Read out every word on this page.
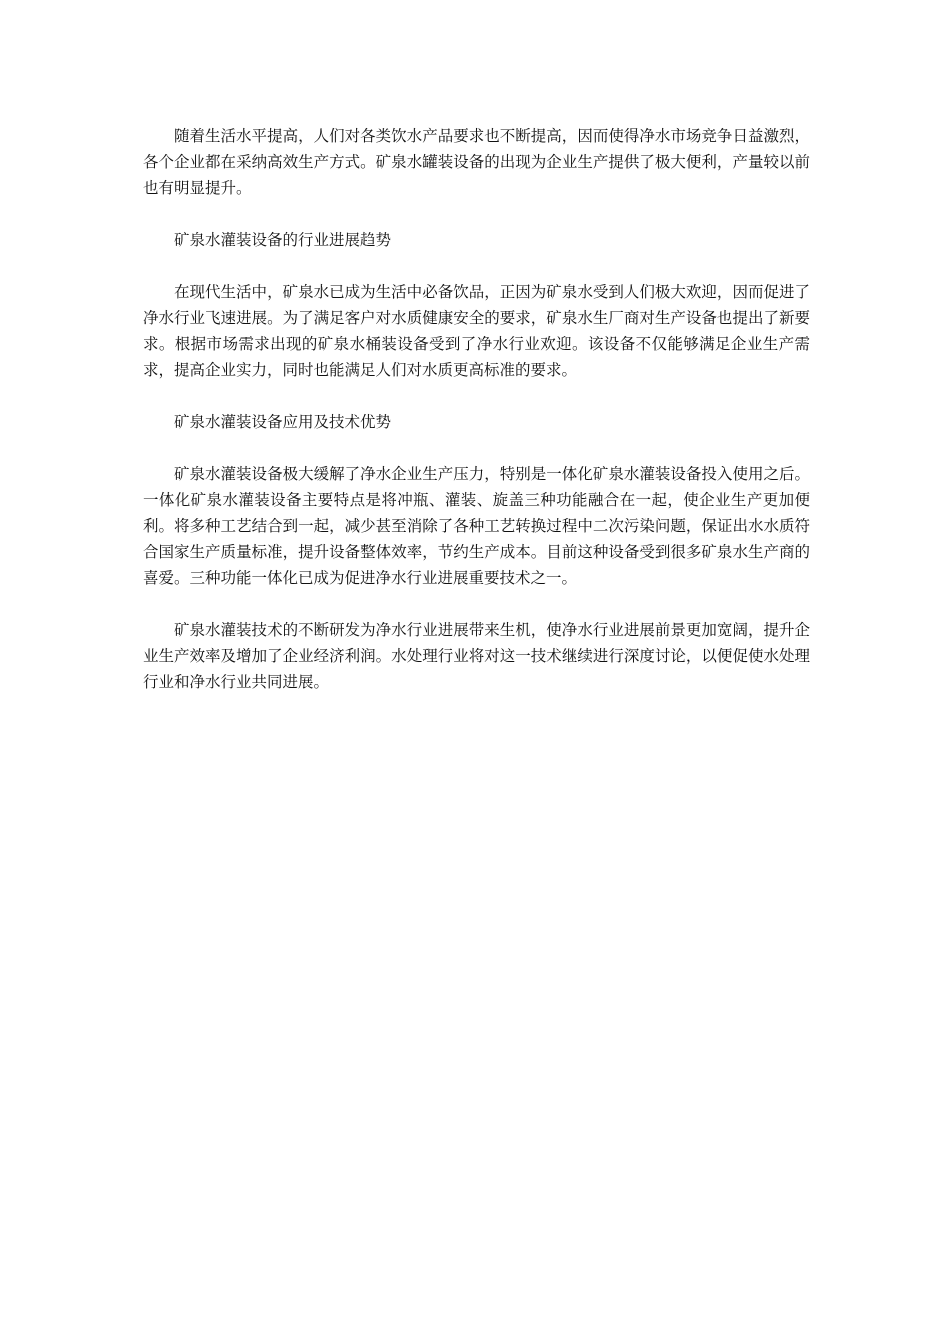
随着生活水平提高，人们对各类饮水产品要求也不断提高，因而使得净水市场竞争日益激烈，各个企业都在采纳高效生产方式。矿泉水罐装设备的出现为企业生产提供了极大便利，产量较以前也有明显提升。

矿泉水灌装设备的行业进展趋势

在现代生活中，矿泉水已成为生活中必备饮品，正因为矿泉水受到人们极大欢迎，因而促进了净水行业飞速进展。为了满足客户对水质健康安全的要求，矿泉水生厂商对生产设备也提出了新要求。根据市场需求出现的矿泉水桶装设备受到了净水行业欢迎。该设备不仅能够满足企业生产需求，提高企业实力，同时也能满足人们对水质更高标准的要求。

矿泉水灌装设备应用及技术优势

矿泉水灌装设备极大缓解了净水企业生产压力，特别是一体化矿泉水灌装设备投入使用之后。一体化矿泉水灌装设备主要特点是将冲瓶、灌装、旋盖三种功能融合在一起，使企业生产更加便利。将多种工艺结合到一起，减少甚至消除了各种工艺转换过程中二次污染问题，保证出水水质符合国家生产质量标准，提升设备整体效率，节约生产成本。目前这种设备受到很多矿泉水生产商的喜爱。三种功能一体化已成为促进净水行业进展重要技术之一。

矿泉水灌装技术的不断研发为净水行业进展带来生机，使净水行业进展前景更加宽阔，提升企业生产效率及增加了企业经济利润。水处理行业将对这一技术继续进行深度讨论，以便促使水处理行业和净水行业共同进展。
